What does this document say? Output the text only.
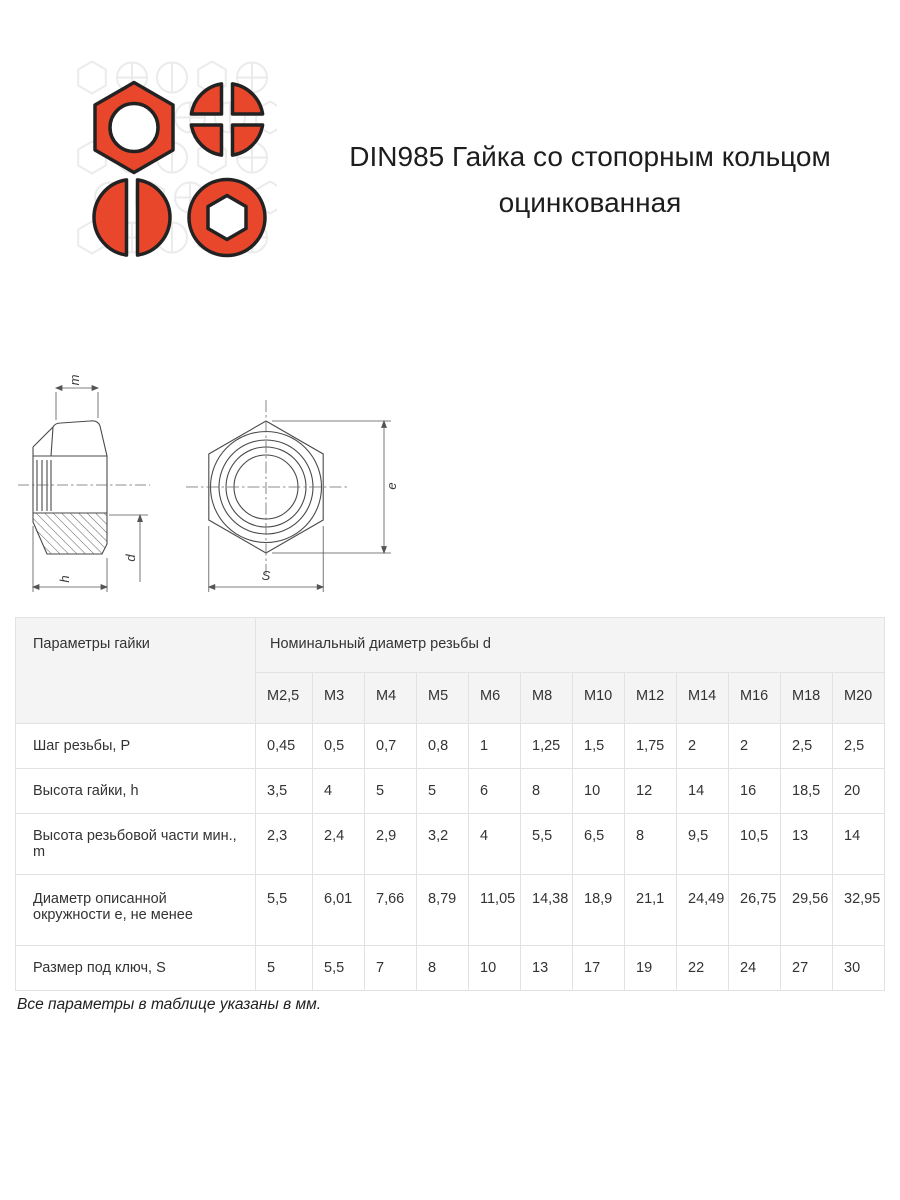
DIN985 Гайка со стопорным кольцом
оцинкованная
m
d
h
e
S
Параметры гайки	Номинальный диаметр резьбы d											
	M2,5	M3	M4	M5	M6	M8	M10	M12	M14	M16	M18	M20
Шаг резьбы, P	0,45	0,5	0,7	0,8	1	1,25	1,5	1,75	2	2	2,5	2,5
Высота гайки, h	3,5	4	5	5	6	8	10	12	14	16	18,5	20
Высота резьбовой части мин., m	2,3	2,4	2,9	3,2	4	5,5	6,5	8	9,5	10,5	13	14
Диаметр описанной окружности e, не менее	5,5	6,01	7,66	8,79	11,05	14,38	18,9	21,1	24,49	26,75	29,56	32,95
Размер под ключ, S	5	5,5	7	8	10	13	17	19	22	24	27	30
Все параметры в таблице указаны в мм.
